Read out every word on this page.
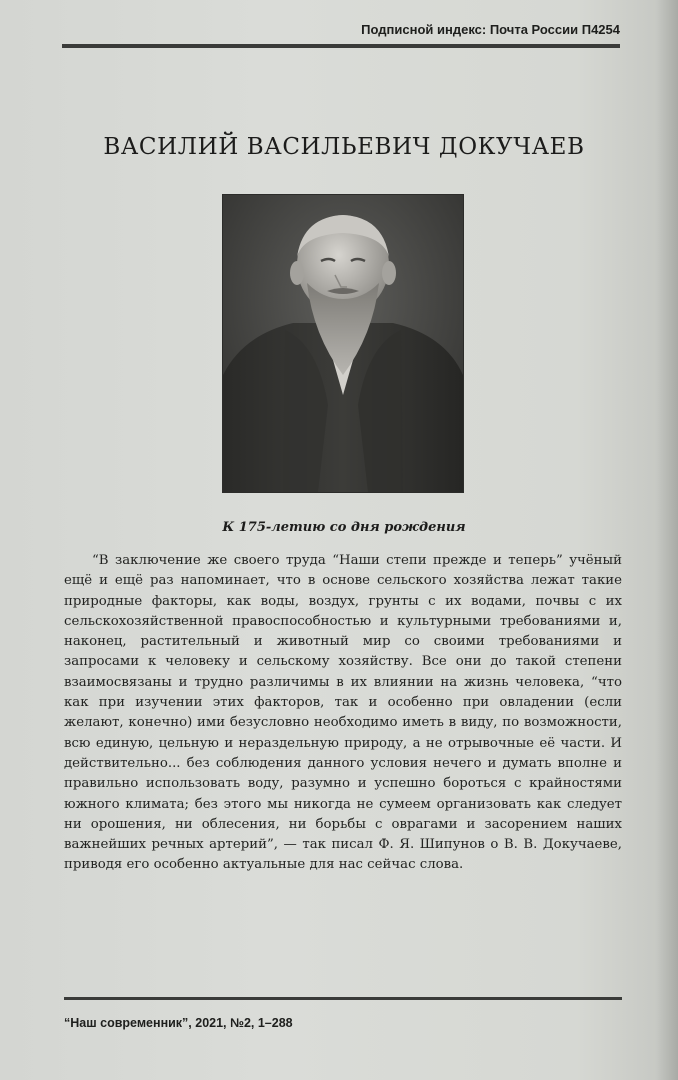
Подписной индекс: Почта России П4254
ВАСИЛИЙ ВАСИЛЬЕВИЧ ДОКУЧАЕВ
К 175-летию со дня рождения

“В заключение же своего труда “Наши степи прежде и теперь” учёный ещё и ещё раз напоминает, что в основе сельского хозяйства лежат такие природные факторы, как воды, воздух, грунты с их водами, почвы с их сельскохозяйственной правоспособностью и культурными требованиями и, наконец, растительный и животный мир со своими требованиями и запросами к человеку и сельскому хозяйству. Все они до такой степени взаимосвязаны и трудно различимы в их влиянии на жизнь человека, “что как при изучении этих факторов, так и особенно при овладении (если желают, конечно) ими безусловно необходимо иметь в виду, по возможности, всю единую, цельную и нераздельную природу, а не отрывочные её части. И действительно... без соблюдения данного условия нечего и думать вполне и правильно использовать воду, разумно и успешно бороться с крайностями южного климата; без этого мы никогда не сумеем организовать как следует ни орошения, ни облесения, ни борьбы с оврагами и засорением наших важнейших речных артерий”, — так писал Ф. Я. Шипунов о В. В. Докучаеве, приводя его особенно актуальные для нас сейчас слова.

“Наш современник”, 2021, №2, 1–288
